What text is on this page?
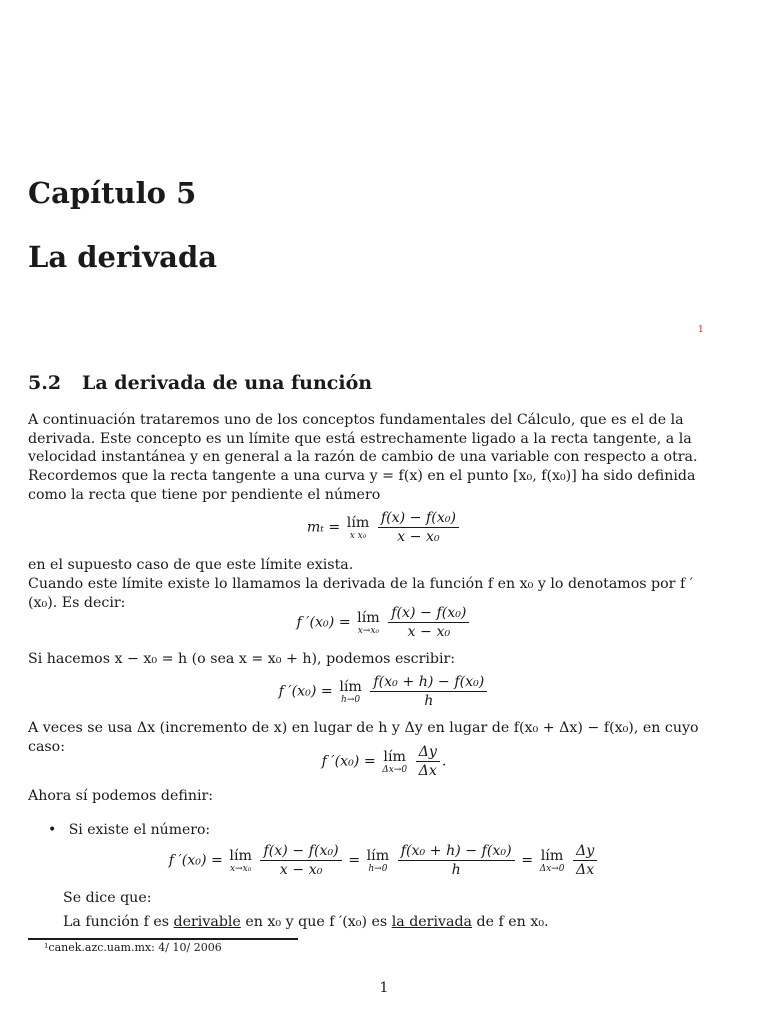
Capítulo 5
La derivada
1
5.2 La derivada de una función
A continuación trataremos uno de los conceptos fundamentales del Cálculo, que es el de la derivada. Este concepto es un límite que está estrechamente ligado a la recta tangente, a la velocidad instantánea y en general a la razón de cambio de una variable con respecto a otra.
Recordemos que la recta tangente a una curva y = f(x) en el punto [x₀, f(x₀)] ha sido definida como la recta que tiene por pendiente el número
mₜ = lím
x x₀
$\frac{\text{f(x) − f(x₀)}}{\text{x − x₀}}$
en el supuesto caso de que este límite exista.
Cuando este límite existe lo llamamos la derivada de la función f en x₀ y lo denotamos por f ′(x₀). Es decir:
f ′(x₀) = lím
x→x₀
$\frac{\text{f(x) − f(x₀)}}{\text{x − x₀}}$
Si hacemos x − x₀ = h (o sea x = x₀ + h), podemos escribir:
f ′(x₀) = lím
h→0
$\frac{\text{f(x₀ + h) − f(x₀)}}{h}$
A veces se usa Δx (incremento de x) en lugar de h y Δy en lugar de f(x₀ + Δx) − f(x₀), en cuyo caso:
f ′(x₀) = lím
Δx→0
$\frac{\Delta y}{\Delta x}$ .
Ahora sí podemos definir:
• Si existe el número:
f ′(x₀) = lím
x→x₀
$\frac{\text{f(x) − f(x₀)}}{\text{x − x₀}}$ = lím
h→0
$\frac{\text{f(x₀ + h) − f(x₀)}}{h}$ = lím
Δx→0
$\frac{\Delta y}{\Delta x}$
Se dice que:
La función f es derivable en x₀ y que f ′(x₀) es la derivada de f en x₀.
¹canek.azc.uam.mx: 4/ 10/ 2006
1
